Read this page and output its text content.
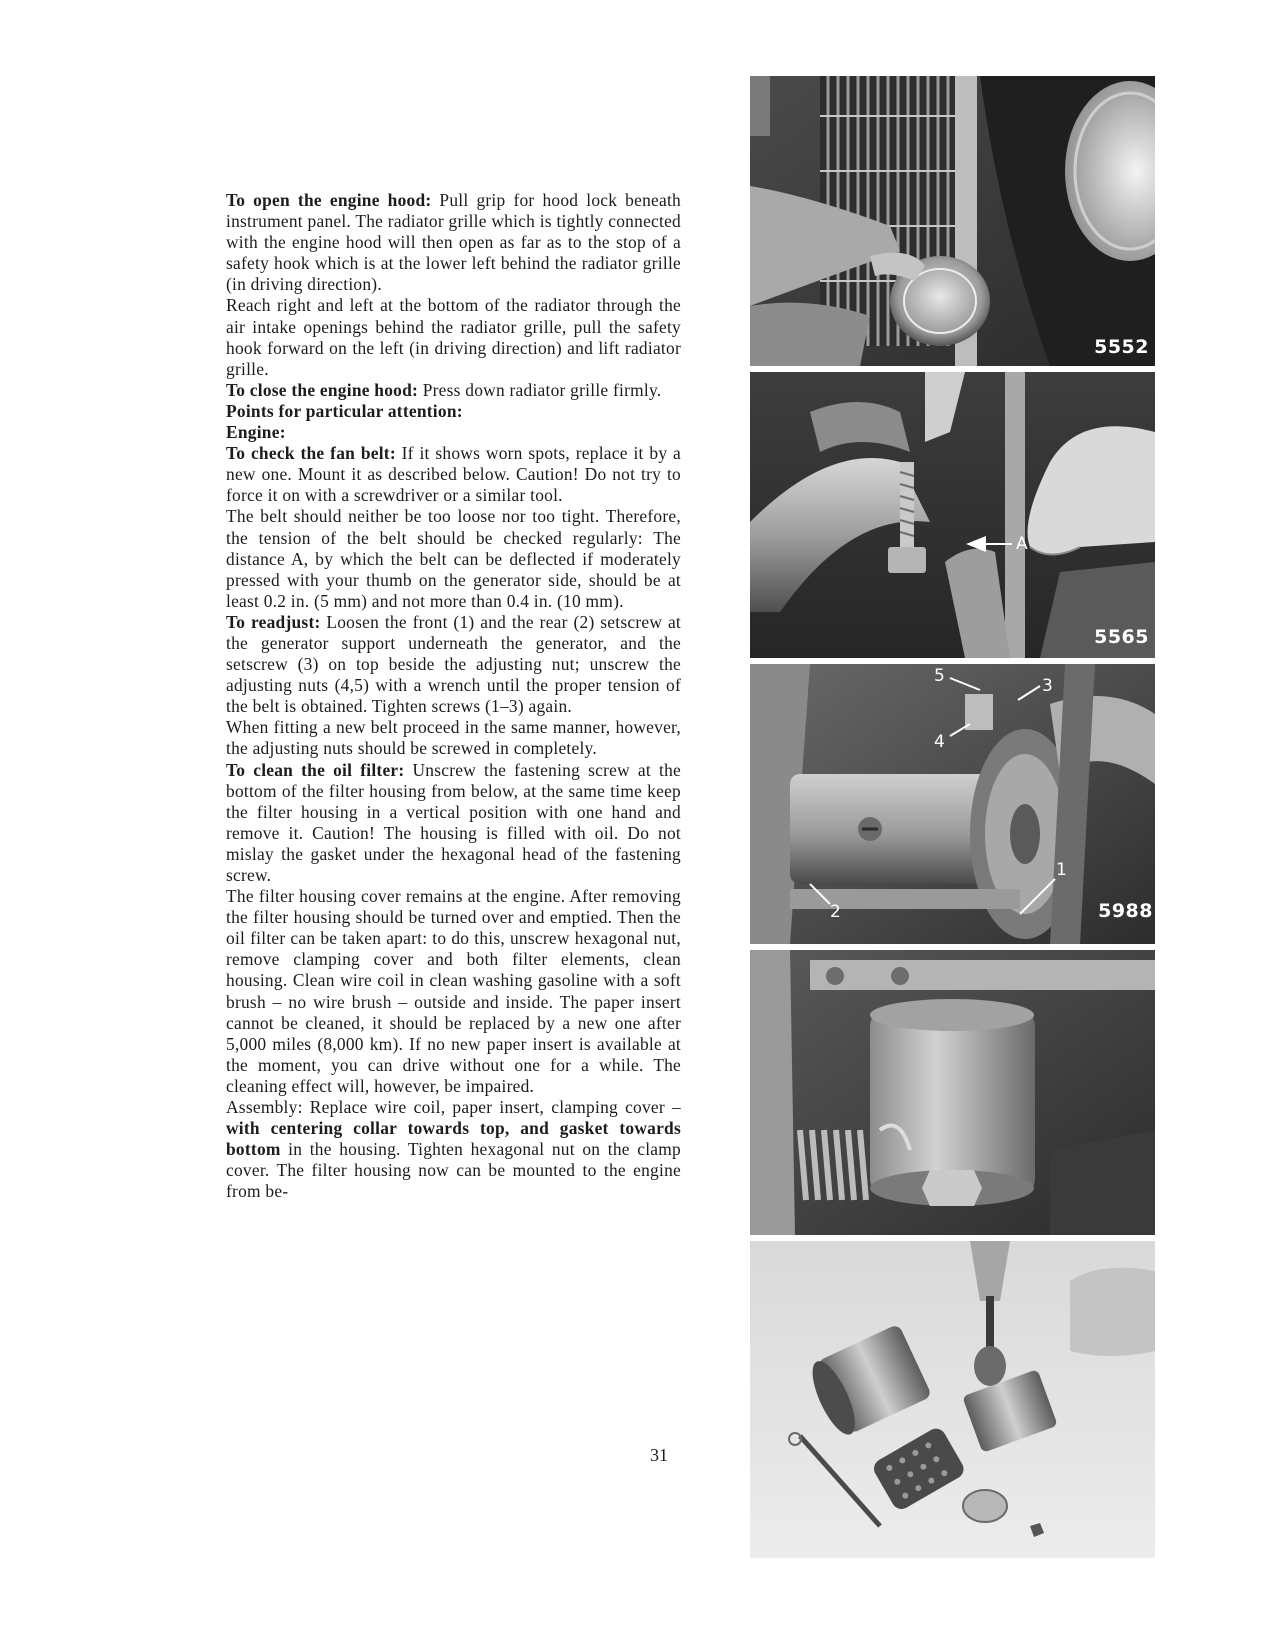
To open the engine hood: Pull grip for hood lock beneath instrument panel. The radiator grille which is tightly connected with the engine hood will then open as far as to the stop of a safety hook which is at the lower left behind the radiator grille (in driving direction).

Reach right and left at the bottom of the radiator through the air intake openings behind the radiator grille, pull the safety hook forward on the left (in driving direction) and lift radiator grille.

To close the engine hood: Press down radiator grille firmly.

Points for particular attention:

Engine:

To check the fan belt: If it shows worn spots, replace it by a new one. Mount it as described below. Caution! Do not try to force it on with a screwdriver or a similar tool.

The belt should neither be too loose nor too tight. Therefore, the tension of the belt should be checked regularly: The distance A, by which the belt can be deflected if moderately pressed with your thumb on the generator side, should be at least 0.2 in. (5 mm) and not more than 0.4 in. (10 mm).

To readjust: Loosen the front (1) and the rear (2) setscrew at the generator support underneath the generator, and the setscrew (3) on top beside the adjusting nut; unscrew the adjusting nuts (4,5) with a wrench until the proper tension of the belt is obtained. Tighten screws (1–3) again.

When fitting a new belt proceed in the same manner, however, the adjusting nuts should be screwed in completely.

To clean the oil filter: Unscrew the fastening screw at the bottom of the filter housing from below, at the same time keep the filter housing in a vertical position with one hand and remove it. Caution! The housing is filled with oil. Do not mislay the gasket under the hexagonal head of the fastening screw.

The filter housing cover remains at the engine. After removing the filter housing should be turned over and emptied. Then the oil filter can be taken apart: to do this, unscrew hexagonal nut, remove clamping cover and both filter elements, clean housing. Clean wire coil in clean washing gasoline with a soft brush – no wire brush – outside and inside. The paper insert cannot be cleaned, it should be replaced by a new one after 5,000 miles (8,000 km). If no new paper insert is available at the moment, you can drive without one for a while. The cleaning effect will, however, be impaired.

Assembly: Replace wire coil, paper insert, clamping cover – with centering collar towards top, and gasket towards bottom in the housing. Tighten hexagonal nut on the clamp cover. The filter housing now can be mounted to the engine from be-

31
5552
A
5565
5
4
3
2
1
5988
